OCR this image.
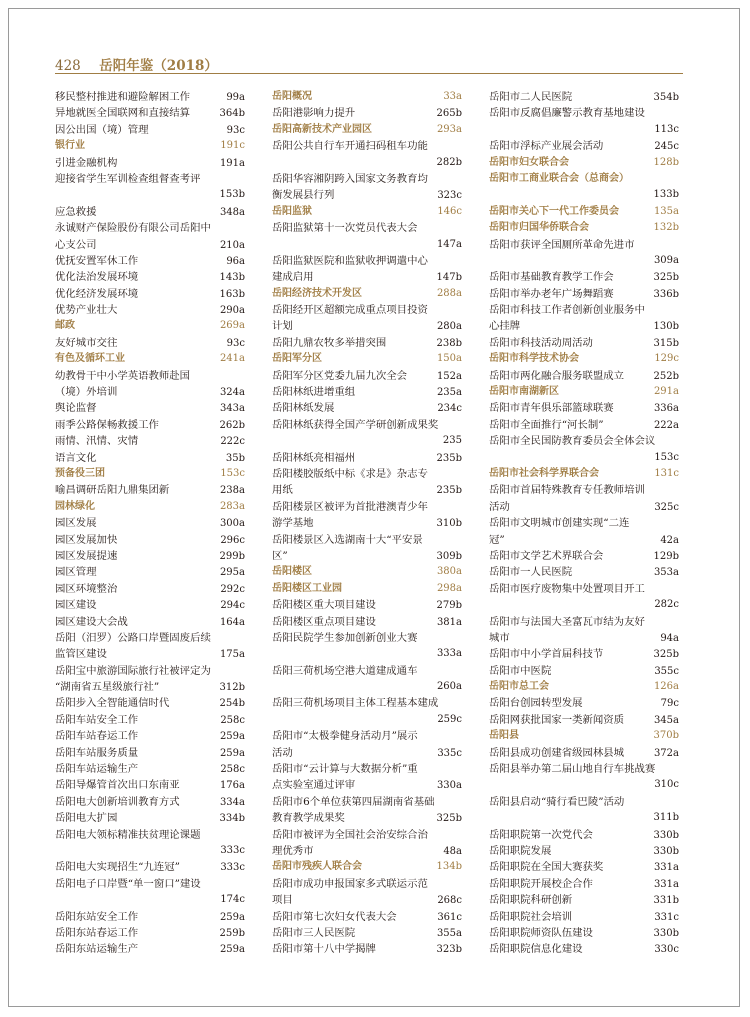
428 岳阳年鉴（2018）
移民整村推进和避险解困工作	99a
异地就医全国联网和直接结算	364b
因公出国（境）管理	93c
银行业	191c
引进金融机构	191a
迎接省学生军训检查组督查考评
153b
应急救援	348a
永诚财产保险股份有限公司岳阳中
心支公司	210a
优抚安置军休工作	96a
优化法治发展环境	143b
优化经济发展环境	163b
优势产业壮大	290a
邮政	269a
友好城市交往	93c
有色及循环工业	241a
幼教骨干中小学英语教师赴国
（境）外培训	324a
舆论监督	343a
雨季公路保畅救援工作	262b
雨情、汛情、灾情	222c
语言文化	35b
预备役三团	153c
喻昌调研岳阳九鼎集团新	238a
园林绿化	283a
园区发展	300a
园区发展加快	296c
园区发展提速	299b
园区管理	295a
园区环境整治	292c
园区建设	294c
园区建设大会战	164a
岳阳（汨罗）公路口岸暨固废后续
监管区建设	175a
岳阳宝中旅游国际旅行社被评定为
“湖南省五星级旅行社”	312b
岳阳步入全智能通信时代	254b
岳阳车站安全工作	258c
岳阳车站春运工作	259a
岳阳车站服务质量	259a
岳阳车站运输生产	258c
岳阳导爆管首次出口东南亚	176a
岳阳电大创新培训教育方式	334a
岳阳电大扩园	334b
岳阳电大领标精准扶贫理论课题
333c
岳阳电大实现招生“九连冠”	333c
岳阳电子口岸暨“单一窗口”建设
174c
岳阳东站安全工作	259a
岳阳东站春运工作	259b
岳阳东站运输生产	259a
岳阳概况	33a
岳阳港影响力提升	265b
岳阳高新技术产业园区	293a
岳阳公共自行车开通扫码租车功能
282b
岳阳华容湘阴跨入国家文务教育均
衡发展县行列	323c
岳阳监狱	146c
岳阳监狱第十一次党员代表大会
147a
岳阳监狱医院和监狱收押调遣中心
建成启用	147b
岳阳经济技术开发区	288a
岳阳经开区超额完成重点项目投资
计划	280a
岳阳九鼎农牧多举措突围	238b
岳阳军分区	150a
岳阳军分区党委九届九次全会	152a
岳阳林纸进增重组	235a
岳阳林纸发展	234c
岳阳林纸获得全国产学研创新成果奖
235
岳阳林纸亮相福州	235b
岳阳楼胶版纸中标《求是》杂志专
用纸	235b
岳阳楼景区被评为首批港澳青少年
游学基地	310b
岳阳楼景区入选湖南十大“平安景
区”	309b
岳阳楼区	380a
岳阳楼区工业园	298a
岳阳楼区重大项目建设	279b
岳阳楼区重点项目建设	381a
岳阳民院学生参加创新创业大赛
333a
岳阳三荷机场空港大道建成通车
260a
岳阳三荷机场项目主体工程基本建成
259c
岳阳市“太极拳健身活动月”展示
活动	335c
岳阳市“云计算与大数据分析”重
点实验室通过评审	330a
岳阳市6个单位获第四届湖南省基础
教育教学成果奖	325b
岳阳市被评为全国社会治安综合治
理优秀市	48a
岳阳市残疾人联合会	134b
岳阳市成功申报国家多式联运示范
项目	268c
岳阳市第七次妇女代表大会	361c
岳阳市三人民医院	355a
岳阳市第十八中学揭牌	323b
岳阳市二人民医院	354b
岳阳市反腐倡廉警示教育基地建设
113c
岳阳市浮标产业展会活动	245c
岳阳市妇女联合会	128b
岳阳市工商业联合会（总商会）
133b
岳阳市关心下一代工作委员会	135a
岳阳市归国华侨联合会	132b
岳阳市获评全国厕所革命先进市
309a
岳阳市基础教育教学工作会	325b
岳阳市举办老年广场舞蹈赛	336b
岳阳市科技工作者创新创业服务中
心挂牌	130b
岳阳市科技活动周活动	315b
岳阳市科学技术协会	129c
岳阳市两化融合服务联盟成立	252b
岳阳市南湖新区	291a
岳阳市青年俱乐部篮球联赛	336a
岳阳市全面推行“河长制”	222a
岳阳市全民国防教育委员会全体会议
153c
岳阳市社会科学界联合会	131c
岳阳市首届特殊教育专任教师培训
活动	325c
岳阳市文明城市创建实现“二连
冠”	42a
岳阳市文学艺术界联合会	129b
岳阳市一人民医院	353a
岳阳市医疗废物集中处置项目开工
282c
岳阳市与法国大圣富瓦市结为友好
城市	94a
岳阳市中小学首届科技节	325b
岳阳市中医院	355c
岳阳市总工会	126a
岳阳台创园转型发展	79c
岳阳网获批国家一类新闻资质	345a
岳阳县	370b
岳阳县成功创建省级园林县城	372a
岳阳县举办第二届山地自行车挑战赛
310c
岳阳县启动“骑行看巴陵”活动
311b
岳阳职院第一次党代会	330b
岳阳职院发展	330b
岳阳职院在全国大赛获奖	331a
岳阳职院开展校企合作	331a
岳阳职院科研创新	331b
岳阳职院社会培训	331c
岳阳职院师资队伍建设	330b
岳阳职院信息化建设	330c
